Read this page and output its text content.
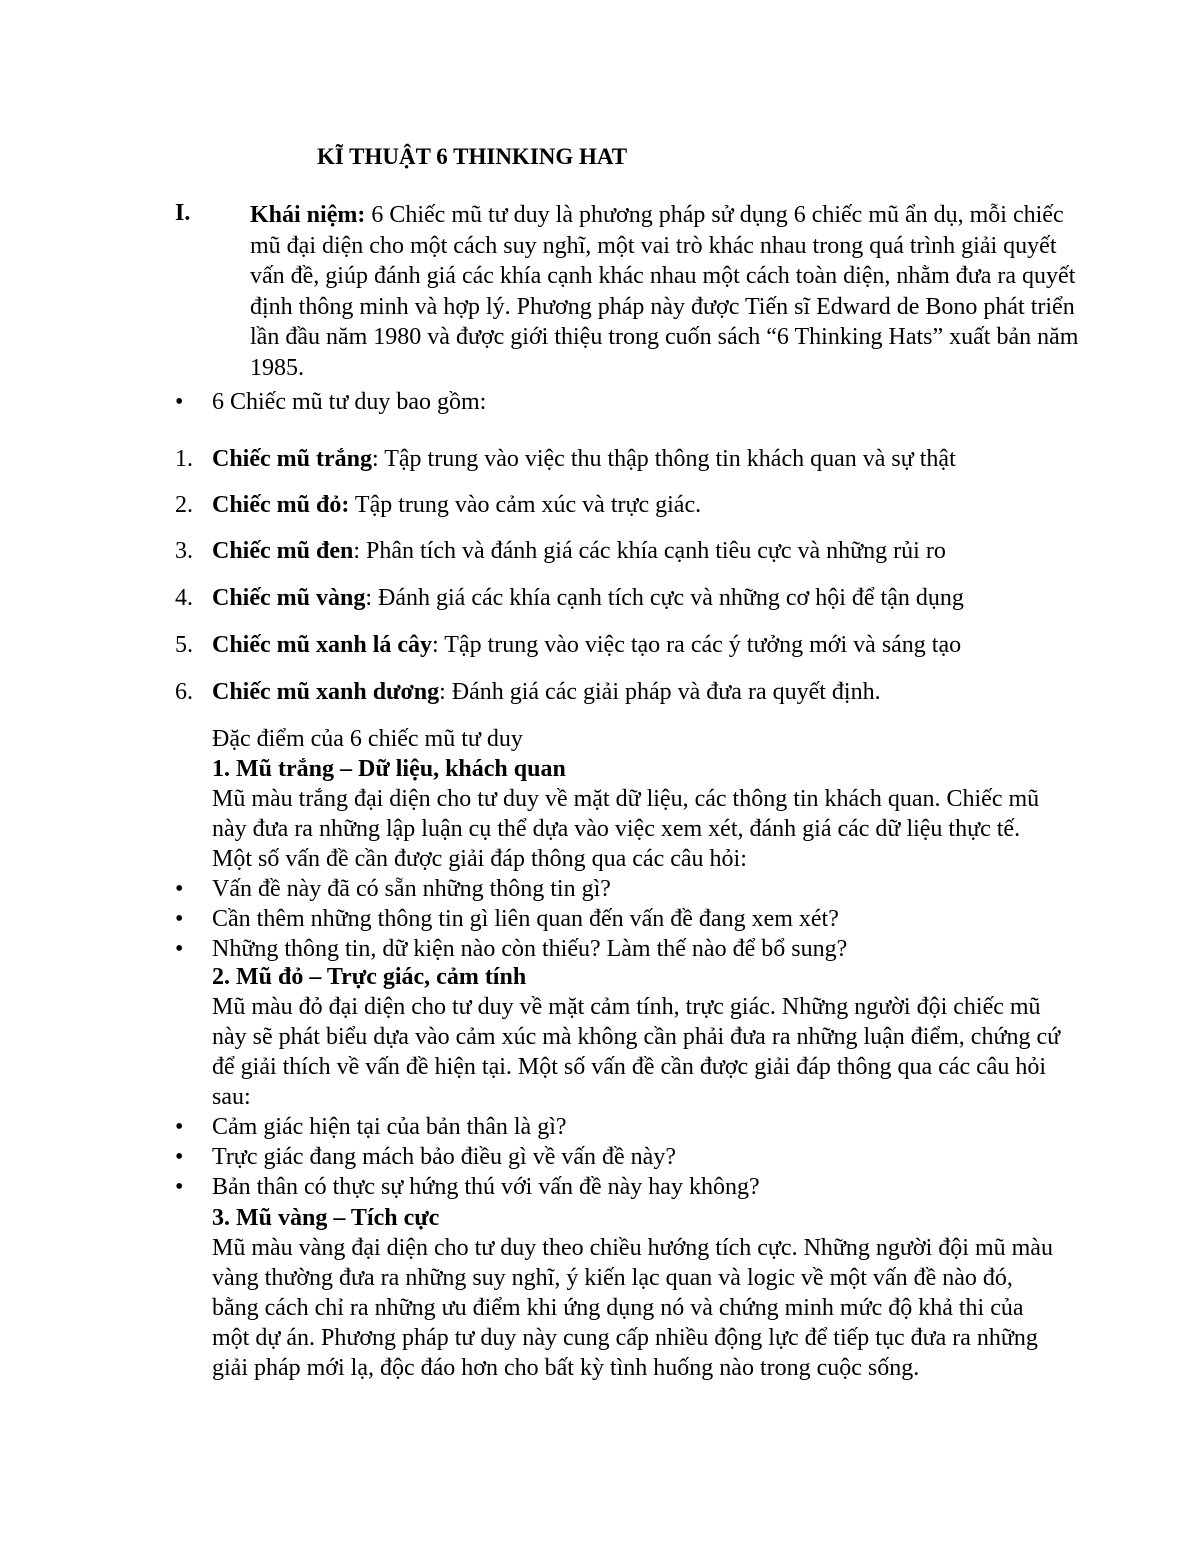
KĨ THUẬT 6 THINKING HAT
I. Khái niệm: 6 Chiếc mũ tư duy là phương pháp sử dụng 6 chiếc mũ ẩn dụ, mỗi chiếc mũ đại diện cho một cách suy nghĩ, một vai trò khác nhau trong quá trình giải quyết vấn đề, giúp đánh giá các khía cạnh khác nhau một cách toàn diện, nhằm đưa ra quyết định thông minh và hợp lý. Phương pháp này được Tiến sĩ Edward de Bono phát triển lần đầu năm 1980 và được giới thiệu trong cuốn sách “6 Thinking Hats” xuất bản năm 1985.

•	6 Chiếc mũ tư duy bao gồm:
1. Chiếc mũ trắng: Tập trung vào việc thu thập thông tin khách quan và sự thật
2. Chiếc mũ đỏ: Tập trung vào cảm xúc và trực giác.
3. Chiếc mũ đen: Phân tích và đánh giá các khía cạnh tiêu cực và những rủi ro
4. Chiếc mũ vàng: Đánh giá các khía cạnh tích cực và những cơ hội để tận dụng
5. Chiếc mũ xanh lá cây: Tập trung vào việc tạo ra các ý tưởng mới và sáng tạo
6. Chiếc mũ xanh dương: Đánh giá các giải pháp và đưa ra quyết định.
Đặc điểm của 6 chiếc mũ tư duy
1. Mũ trắng – Dữ liệu, khách quan
Mũ màu trắng đại diện cho tư duy về mặt dữ liệu, các thông tin khách quan. Chiếc mũ này đưa ra những lập luận cụ thể dựa vào việc xem xét, đánh giá các dữ liệu thực tế. Một số vấn đề cần được giải đáp thông qua các câu hỏi:
• Vấn đề này đã có sẵn những thông tin gì?
• Cần thêm những thông tin gì liên quan đến vấn đề đang xem xét?
• Những thông tin, dữ kiện nào còn thiếu? Làm thế nào để bổ sung?
2. Mũ đỏ – Trực giác, cảm tính
Mũ màu đỏ đại diện cho tư duy về mặt cảm tính, trực giác. Những người đội chiếc mũ này sẽ phát biểu dựa vào cảm xúc mà không cần phải đưa ra những luận điểm, chứng cứ để giải thích về vấn đề hiện tại. Một số vấn đề cần được giải đáp thông qua các câu hỏi sau:
• Cảm giác hiện tại của bản thân là gì?
• Trực giác đang mách bảo điều gì về vấn đề này?
• Bản thân có thực sự hứng thú với vấn đề này hay không?
3. Mũ vàng – Tích cực
Mũ màu vàng đại diện cho tư duy theo chiều hướng tích cực. Những người đội mũ màu vàng thường đưa ra những suy nghĩ, ý kiến lạc quan và logic về một vấn đề nào đó, bằng cách chỉ ra những ưu điểm khi ứng dụng nó và chứng minh mức độ khả thi của một dự án. Phương pháp tư duy này cung cấp nhiều động lực để tiếp tục đưa ra những giải pháp mới lạ, độc đáo hơn cho bất kỳ tình huống nào trong cuộc sống.
